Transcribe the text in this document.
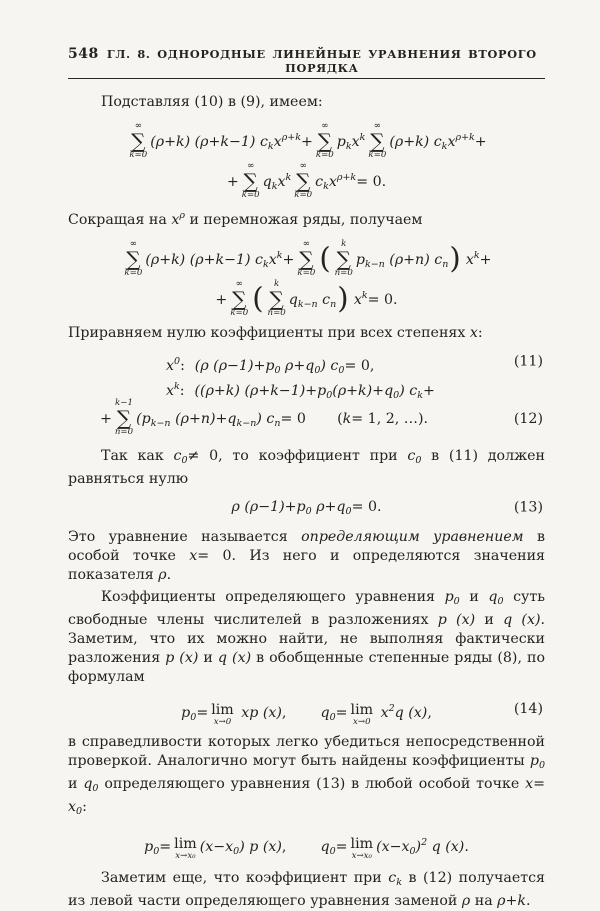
548 ГЛ. 8. ОДНОРОДНЫЕ ЛИНЕЙНЫЕ УРАВНЕНИЯ ВТОРОГО ПОРЯДКА
Подставляя (10) в (9), имеем:
∞
∑
k=0
(ρ+k) (ρ+k−1) $c_kx^{\rho+k}+$
∞
∑
k=0
$p_kx^k$
∞
∑
k=0
(ρ+k) $c_kx^{\rho+k}+$
+
∞
∑
k=0
$q_kx^k$
∞
∑
k=0
$c_kx^{\rho+k}= 0$.
Сокращая на $x^\rho$ и перемножая ряды, получаем
∞
∑
k=0
(ρ+k) (ρ+k−1) $c_kx^k+$
∞
∑
k=0 ( k
∑
n=0
$p_{k-n}$ (ρ+n) $c_n$) $x^k+$
+
∞
∑
k=0 ( k
∑
n=0
$q_{k-n}$ $c_n$) $x^k= 0$.
Приравняем нулю коэффициенты при всех степенях x:
$x^0$: (ρ $(\rho-1)+p_0$ $\rho+q_0$) $c_0= 0$,	(11)
$x^k$: ((ρ+k) $(\rho+k-1)+p_0(\rho+k)+q_0$) $c_k+$
+
k−1
∑
n=0
($p_{k-n}$ $(\rho+n)+q_{k-n}$) $c_n= 0$ (k= 1, 2, …).	(12)
Так как $c_0\ne 0$, то коэффициент при $c_0$ в (11) должен равняться нулю
ρ $(\rho-1)+p_0$ $\rho+q_0= 0$.	(13)
Это уравнение называется определяющим уравнением в особой точке x= 0. Из него и определяются значения показателя ρ.
Коэффициенты определяющего уравнения $p_0$ и $q_0$ суть свободные члены числителей в разложениях p (x) и q (x). Заметим, что их можно найти, не выполняя фактически разложения p (x) и q (x) в обобщенные степенные ряды (8), по формулам
$p_0= \lim$
x→0
xp (x), $q_0= \lim$
x→0
$x^2q$ (x),	(14)
в справедливости которых легко убедиться непосредственной проверкой. Аналогично могут быть найдены коэффициенты $p_0$ и $q_0$ определяющего уравнения (13) в любой особой точке $x= x_0$:
$p_0= \lim$
x→x₀
$(x-x_0)$ p (x), $q_0= \lim$
x→x₀
$(x-x_0)^2$ q (x).
Заметим еще, что коэффициент при $c_k$ в (12) получается из левой части определяющего уравнения заменой ρ на ρ+k.
